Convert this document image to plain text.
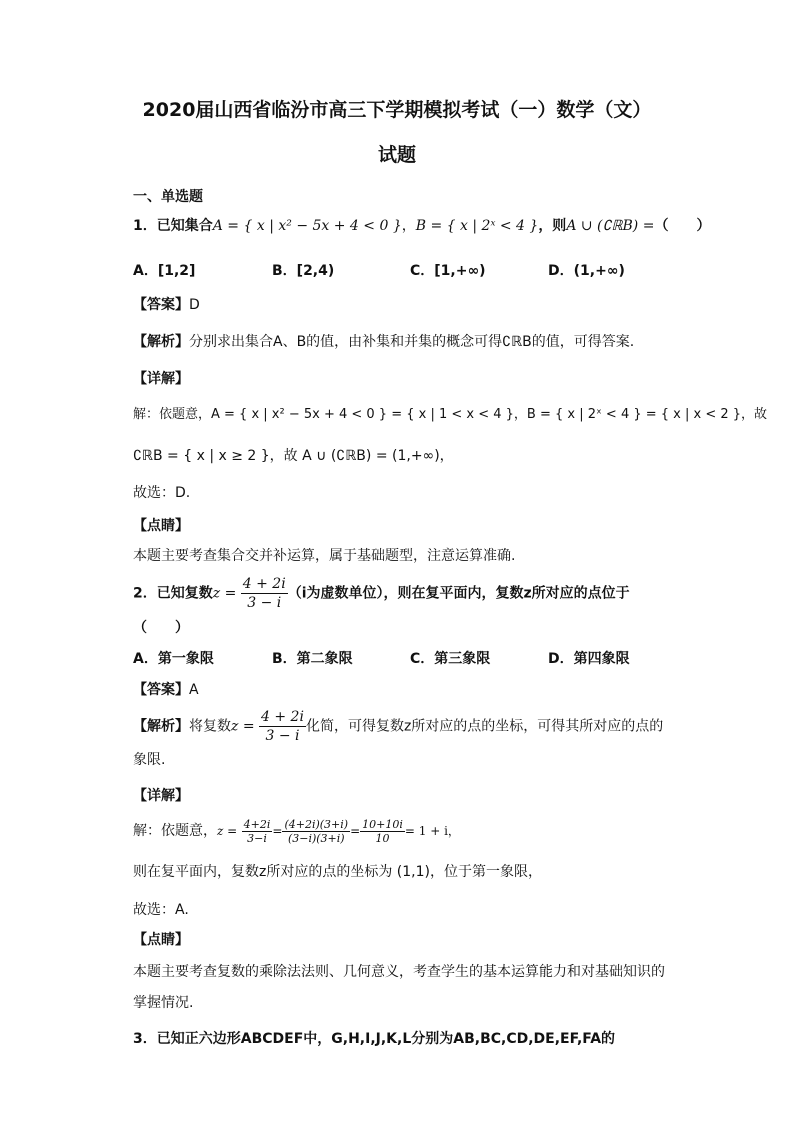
2020届山西省临汾市高三下学期模拟考试（一）数学（文）
试题
一、单选题
1．已知集合A = { x | x² − 5x + 4 < 0 }，B = { x | 2ˣ < 4 }，则A ∪ (∁ℝB) =（　　）
A．[1,2]	B．[2,4)	C．[1,+∞)	D．(1,+∞)
【答案】D
【解析】分别求出集合A、B的值，由补集和并集的概念可得∁ℝB的值，可得答案.
【详解】
解：依题意，A = { x | x² − 5x + 4 < 0 } = { x | 1 < x < 4 }，B = { x | 2ˣ < 4 } = { x | x < 2 }，故
∁ℝB = { x | x ≥ 2 }，故 A ∪ (∁ℝB) = (1,+∞)，
故选：D.
【点睛】
本题主要考查集合交并补运算，属于基础题型，注意运算准确.
2．已知复数$z = \frac{4 + 2i}{3 - i} (i$为虚数单位），则在复平面内，复数z所对应的点位于
（　　）
A．第一象限	B．第二象限	C．第三象限	D．第四象限
【答案】A
【解析】将复数$z = \frac{4 + 2i}{3 - i}$ 化简，可得复数z所对应的点的坐标，可得其所对应的点的
象限.
【详解】
解：依题意，$z = \frac{4+2i}{3-i} = \frac{(4+2i)(3+i)}{(3-i)(3+i)} = \frac{10+10i}{10} = 1 + i$，
则在复平面内，复数z所对应的点的坐标为 (1,1)，位于第一象限，
故选：A.
【点睛】
本题主要考查复数的乘除法法则、几何意义，考查学生的基本运算能力和对基础知识的
掌握情况.
3．已知正六边形ABCDEF中，G,H,I,J,K,L分别为AB,BC,CD,DE,EF,FA的
